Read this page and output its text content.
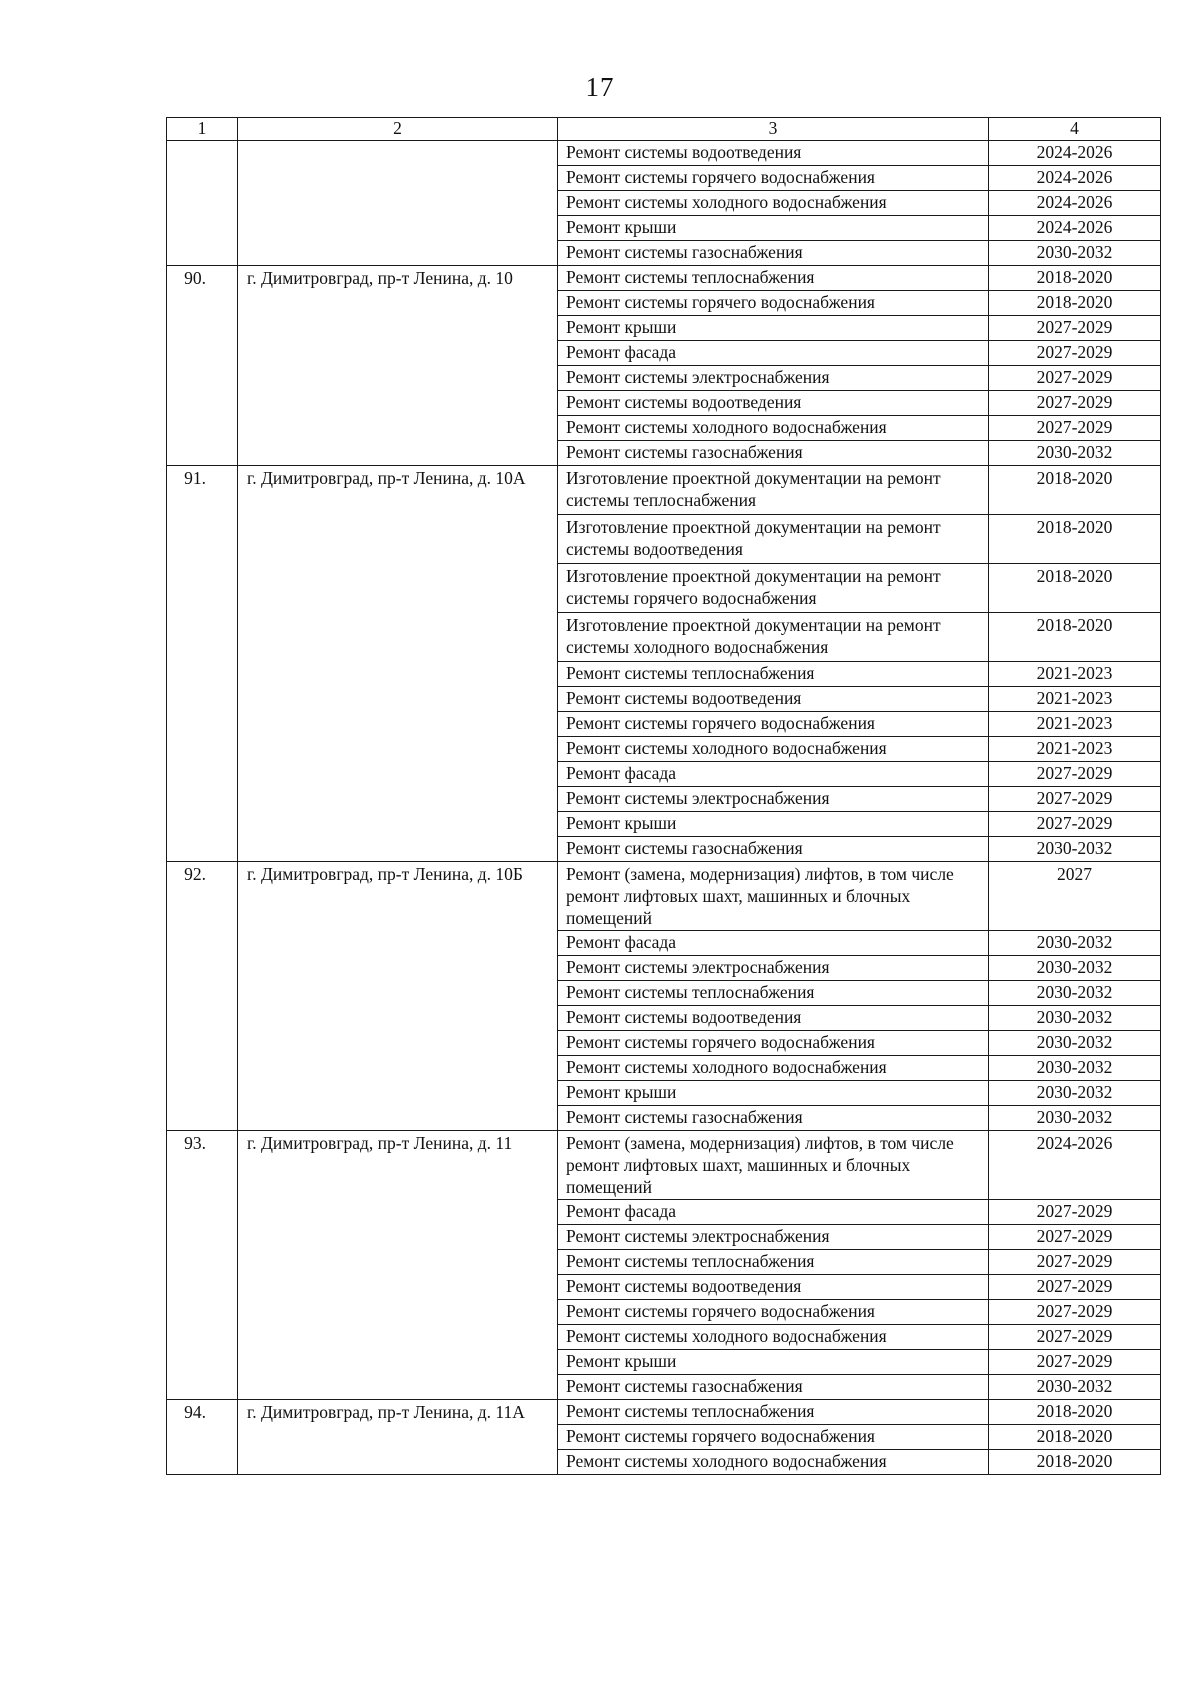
17
1	2	3	4
		Ремонт системы водоотведения	2024-2026
		Ремонт системы горячего водоснабжения	2024-2026
		Ремонт системы холодного водоснабжения	2024-2026
		Ремонт крыши	2024-2026
		Ремонт системы газоснабжения	2030-2032
90.	г. Димитровград, пр-т Ленина, д. 10	Ремонт системы теплоснабжения	2018-2020
		Ремонт системы горячего водоснабжения	2018-2020
		Ремонт крыши	2027-2029
		Ремонт фасада	2027-2029
		Ремонт системы электроснабжения	2027-2029
		Ремонт системы водоотведения	2027-2029
		Ремонт системы холодного водоснабжения	2027-2029
		Ремонт системы газоснабжения	2030-2032
91.	г. Димитровград, пр-т Ленина, д. 10А	Изготовление проектной документации на ремонт системы теплоснабжения	2018-2020
		Изготовление проектной документации на ремонт системы водоотведения	2018-2020
		Изготовление проектной документации на ремонт системы горячего водоснабжения	2018-2020
		Изготовление проектной документации на ремонт системы холодного водоснабжения	2018-2020
		Ремонт системы теплоснабжения	2021-2023
		Ремонт системы водоотведения	2021-2023
		Ремонт системы горячего водоснабжения	2021-2023
		Ремонт системы холодного водоснабжения	2021-2023
		Ремонт фасада	2027-2029
		Ремонт системы электроснабжения	2027-2029
		Ремонт крыши	2027-2029
		Ремонт системы газоснабжения	2030-2032
92.	г. Димитровград, пр-т Ленина, д. 10Б	Ремонт (замена, модернизация) лифтов, в том числе ремонт лифтовых шахт, машинных и блочных помещений	2027
		Ремонт фасада	2030-2032
		Ремонт системы электроснабжения	2030-2032
		Ремонт системы теплоснабжения	2030-2032
		Ремонт системы водоотведения	2030-2032
		Ремонт системы горячего водоснабжения	2030-2032
		Ремонт системы холодного водоснабжения	2030-2032
		Ремонт крыши	2030-2032
		Ремонт системы газоснабжения	2030-2032
93.	г. Димитровград, пр-т Ленина, д. 11	Ремонт (замена, модернизация) лифтов, в том числе ремонт лифтовых шахт, машинных и блочных помещений	2024-2026
		Ремонт фасада	2027-2029
		Ремонт системы электроснабжения	2027-2029
		Ремонт системы теплоснабжения	2027-2029
		Ремонт системы водоотведения	2027-2029
		Ремонт системы горячего водоснабжения	2027-2029
		Ремонт системы холодного водоснабжения	2027-2029
		Ремонт крыши	2027-2029
		Ремонт системы газоснабжения	2030-2032
94.	г. Димитровград, пр-т Ленина, д. 11А	Ремонт системы теплоснабжения	2018-2020
		Ремонт системы горячего водоснабжения	2018-2020
		Ремонт системы холодного водоснабжения	2018-2020
